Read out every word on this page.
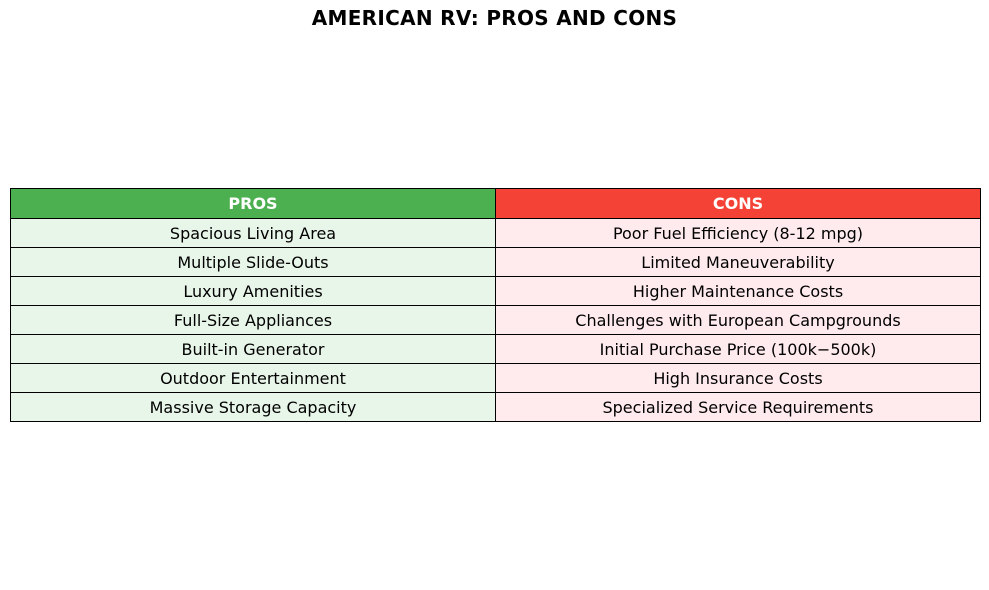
AMERICAN RV: PROS AND CONS
PROS	CONS
Spacious Living Area	Poor Fuel Efficiency (8-12 mpg)
Multiple Slide-Outs	Limited Maneuverability
Luxury Amenities	Higher Maintenance Costs
Full-Size Appliances	Challenges with European Campgrounds
Built-in Generator	Initial Purchase Price (100k−500k)
Outdoor Entertainment	High Insurance Costs
Massive Storage Capacity	Specialized Service Requirements
